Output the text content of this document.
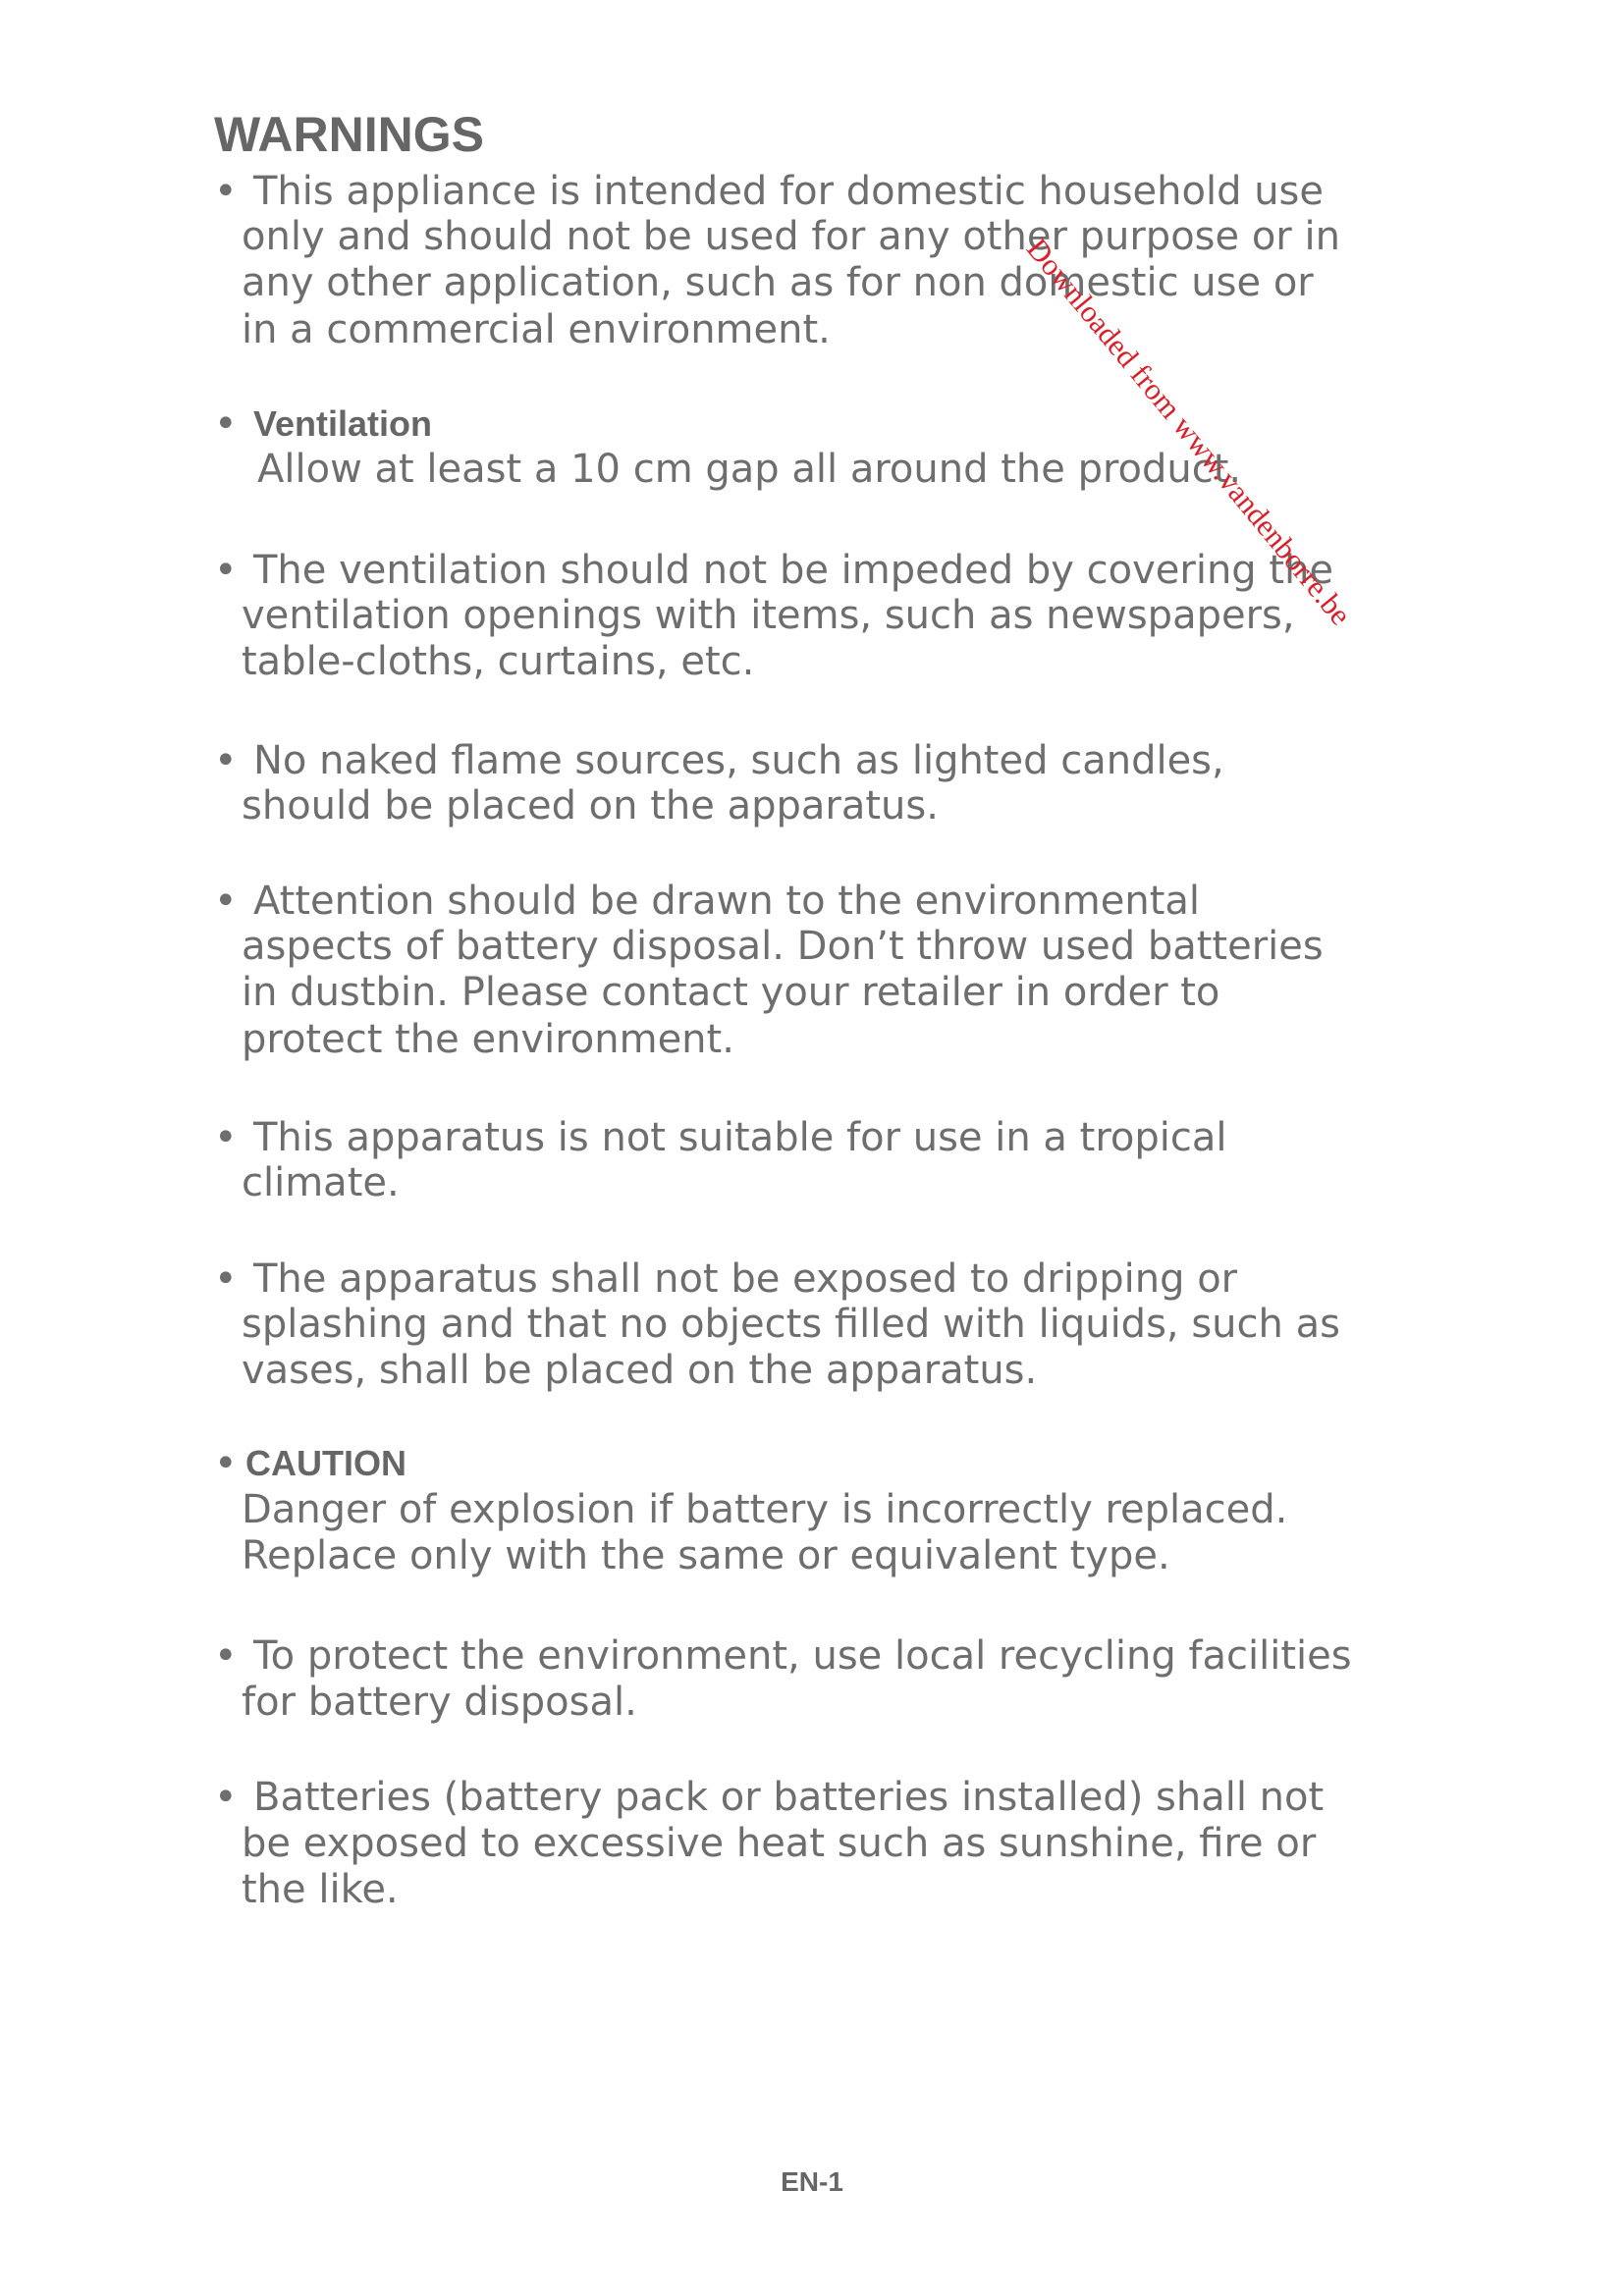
WARNINGS
• This appliance is intended for domestic household use
only and should not be used for any other purpose or in
any other application, such as for non domestic use or
in a commercial environment.
• Ventilation
Allow at least a 10 cm gap all around the product.
• The ventilation should not be impeded by covering the
ventilation openings with items, such as newspapers,
table-cloths, curtains, etc.
• No naked flame sources, such as lighted candles,
should be placed on the apparatus.
• Attention should be drawn to the environmental
aspects of battery disposal. Don’t throw used batteries
in dustbin. Please contact your retailer in order to
protect the environment.
• This apparatus is not suitable for use in a tropical
climate.
• The apparatus shall not be exposed to dripping or
splashing and that no objects filled with liquids, such as
vases, shall be placed on the apparatus.
• CAUTION
Danger of explosion if battery is incorrectly replaced.
Replace only with the same or equivalent type.
• To protect the environment, use local recycling facilities
for battery disposal.
• Batteries (battery pack or batteries installed) shall not
be exposed to excessive heat such as sunshine, fire or
the like.
EN-1
Downloaded from www.vandenborre.be
